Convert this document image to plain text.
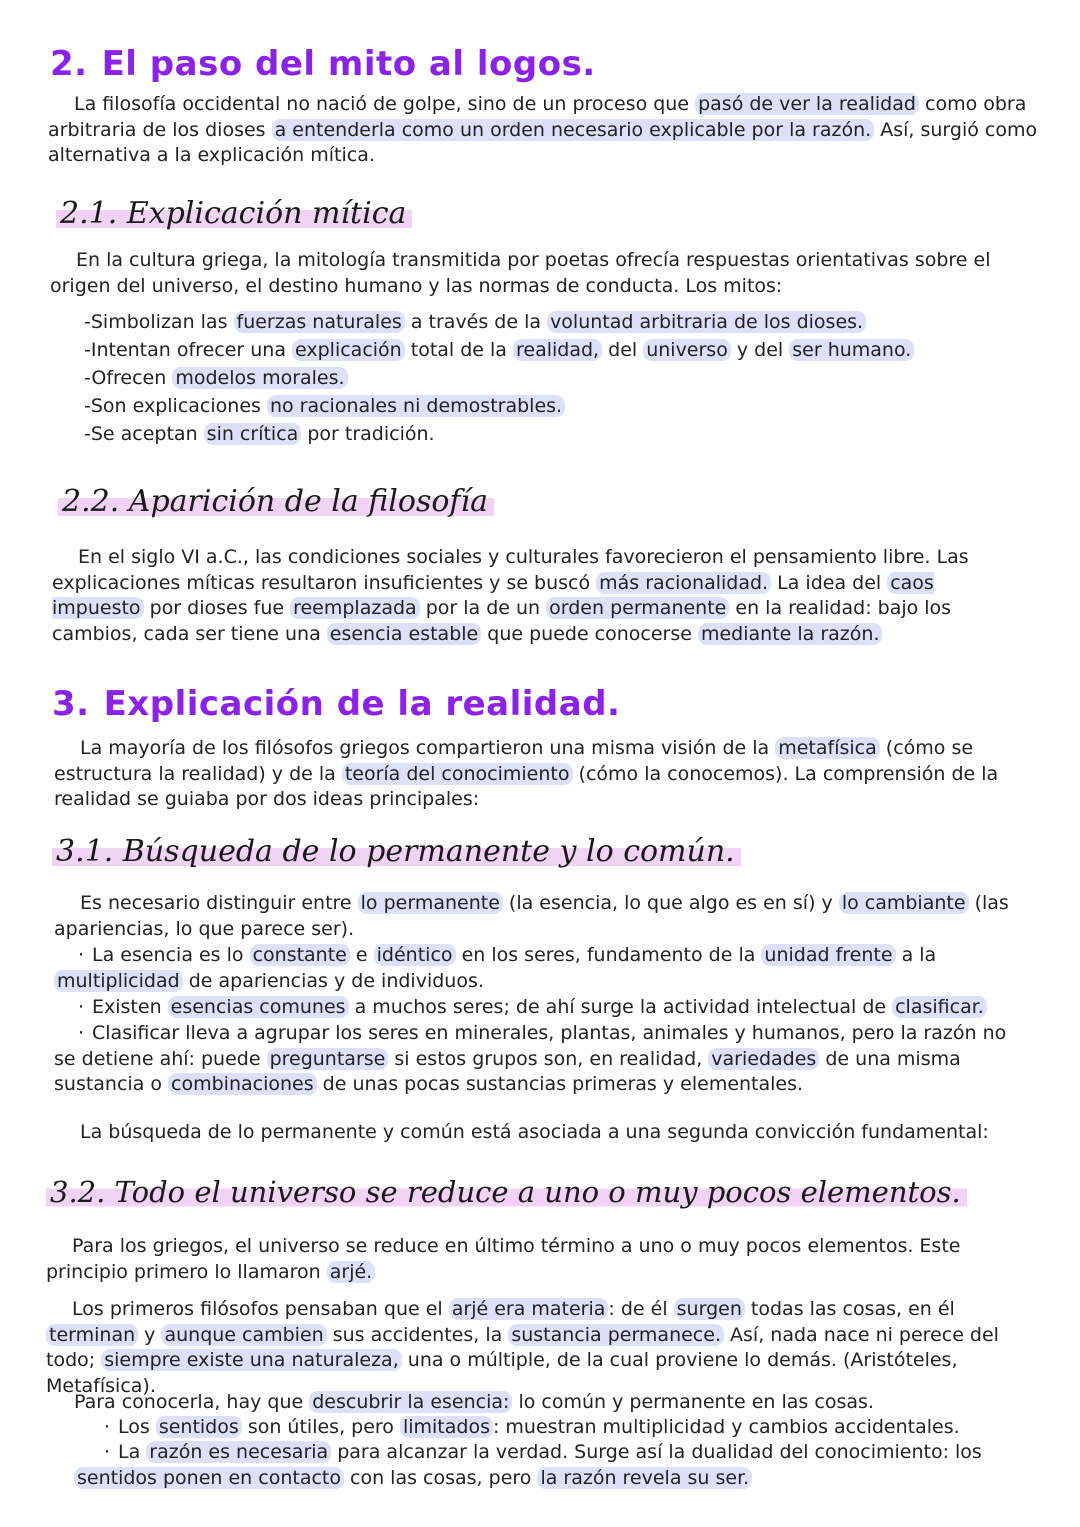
2. El paso del mito al logos.
La filosofía occidental no nació de golpe, sino de un proceso que pasó de ver la realidad como obra arbitraria de los dioses a entenderla como un orden necesario explicable por la razón. Así, surgió como alternativa a la explicación mítica.
2.1. Explicación mítica
En la cultura griega, la mitología transmitida por poetas ofrecía respuestas orientativas sobre el origen del universo, el destino humano y las normas de conducta. Los mitos:
-Simbolizan las fuerzas naturales a través de la voluntad arbitraria de los dioses.
-Intentan ofrecer una explicación total de la realidad, del universo y del ser humano.
-Ofrecen modelos morales.
-Son explicaciones no racionales ni demostrables.
-Se aceptan sin crítica por tradición.
2.2. Aparición de la filosofía
En el siglo VI a.C., las condiciones sociales y culturales favorecieron el pensamiento libre. Las explicaciones míticas resultaron insuficientes y se buscó más racionalidad. La idea del caos impuesto por dioses fue reemplazada por la de un orden permanente en la realidad: bajo los cambios, cada ser tiene una esencia estable que puede conocerse mediante la razón.
3. Explicación de la realidad.
La mayoría de los filósofos griegos compartieron una misma visión de la metafísica (cómo se estructura la realidad) y de la teoría del conocimiento (cómo la conocemos). La comprensión de la realidad se guiaba por dos ideas principales:
3.1. Búsqueda de lo permanente y lo común.
Es necesario distinguir entre lo permanente (la esencia, lo que algo es en sí) y lo cambiante (las apariencias, lo que parece ser).
· La esencia es lo constante e idéntico en los seres, fundamento de la unidad frente a la multiplicidad de apariencias y de individuos.
· Existen esencias comunes a muchos seres; de ahí surge la actividad intelectual de clasificar.
· Clasificar lleva a agrupar los seres en minerales, plantas, animales y humanos, pero la razón no se detiene ahí: puede preguntarse si estos grupos son, en realidad, variedades de una misma sustancia o combinaciones de unas pocas sustancias primeras y elementales.
La búsqueda de lo permanente y común está asociada a una segunda convicción fundamental:
3.2. Todo el universo se reduce a uno o muy pocos elementos.
Para los griegos, el universo se reduce en último término a uno o muy pocos elementos. Este principio primero lo llamaron arjé.
Los primeros filósofos pensaban que el arjé era materia : de él surgen todas las cosas, en él terminan y aunque cambien sus accidentes, la sustancia permanece. Así, nada nace ni perece del todo; siempre existe una naturaleza, una o múltiple, de la cual proviene lo demás. (Aristóteles, Metafísica).
Para conocerla, hay que descubrir la esencia: lo común y permanente en las cosas.
· Los sentidos son útiles, pero limitados : muestran multiplicidad y cambios accidentales.
· La razón es necesaria para alcanzar la verdad. Surge así la dualidad del conocimiento: los sentidos ponen en contacto con las cosas, pero la razón revela su ser.
